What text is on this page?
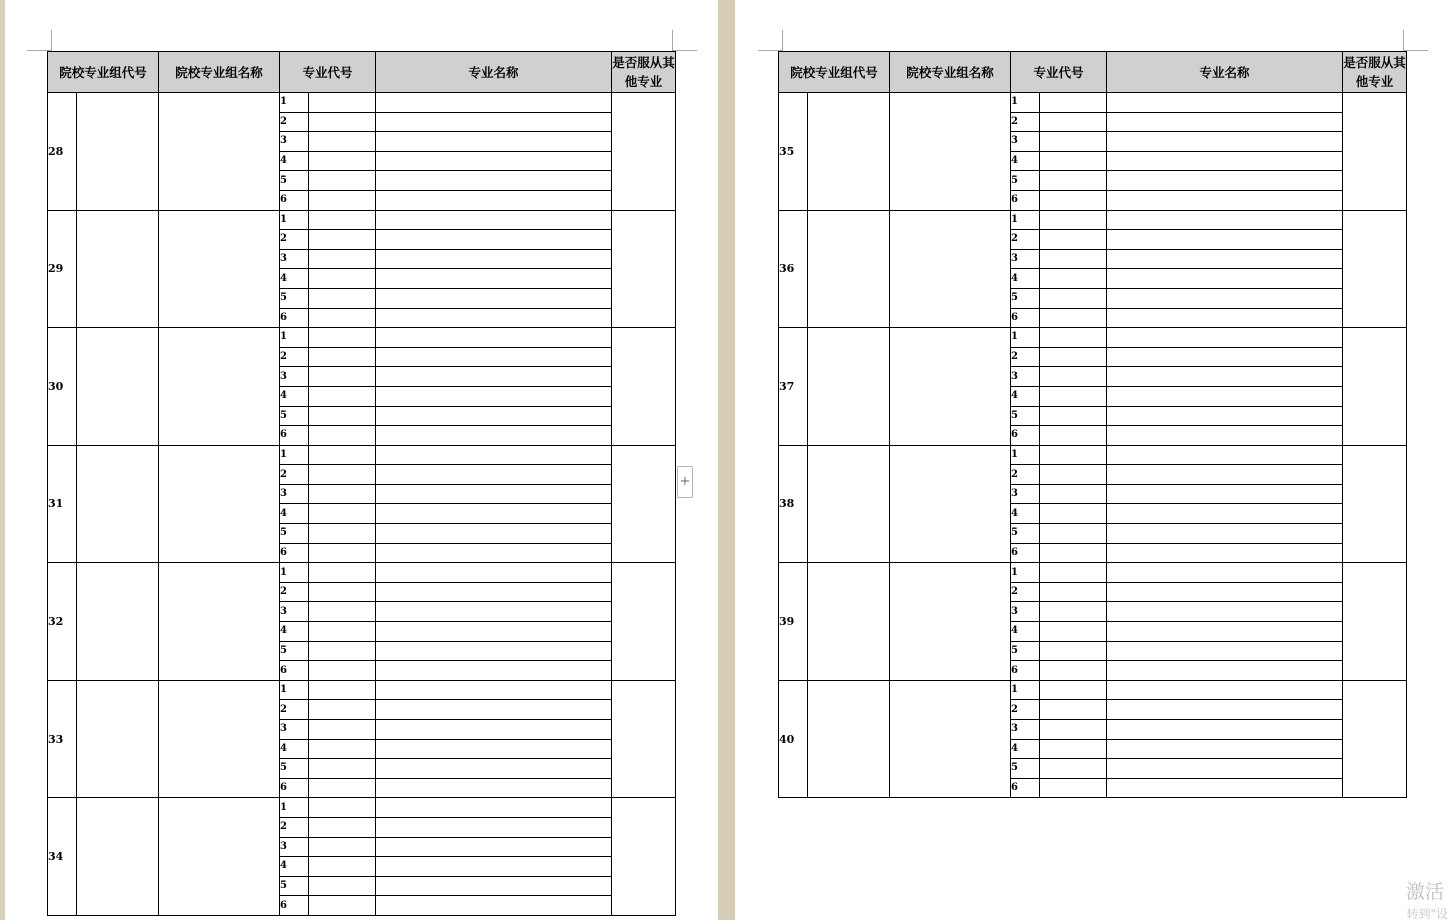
院校专业组代号		院校专业组名称	专业代号		专业名称	是否服从其他专业
28			1			
			2			
			3			
			4			
			5			
			6			
29			1			
			2			
			3			
			4			
			5			
			6			
30			1			
			2			
			3			
			4			
			5			
			6			
31			1			
			2			
			3			
			4			
			5			
			6			
32			1			
			2			
			3			
			4			
			5			
			6			
33			1			
			2			
			3			
			4			
			5			
			6			
34			1			
			2			
			3			
			4			
			5			
			6			
院校专业组代号		院校专业组名称	专业代号		专业名称	是否服从其他专业
35			1			
			2			
			3			
			4			
			5			
			6			
36			1			
			2			
			3			
			4			
			5			
			6			
37			1			
			2			
			3			
			4			
			5			
			6			
38			1			
			2			
			3			
			4			
			5			
			6			
39			1			
			2			
			3			
			4			
			5			
			6			
40			1			
			2			
			3			
			4			
			5			
			6			
+
激活
转到"设
